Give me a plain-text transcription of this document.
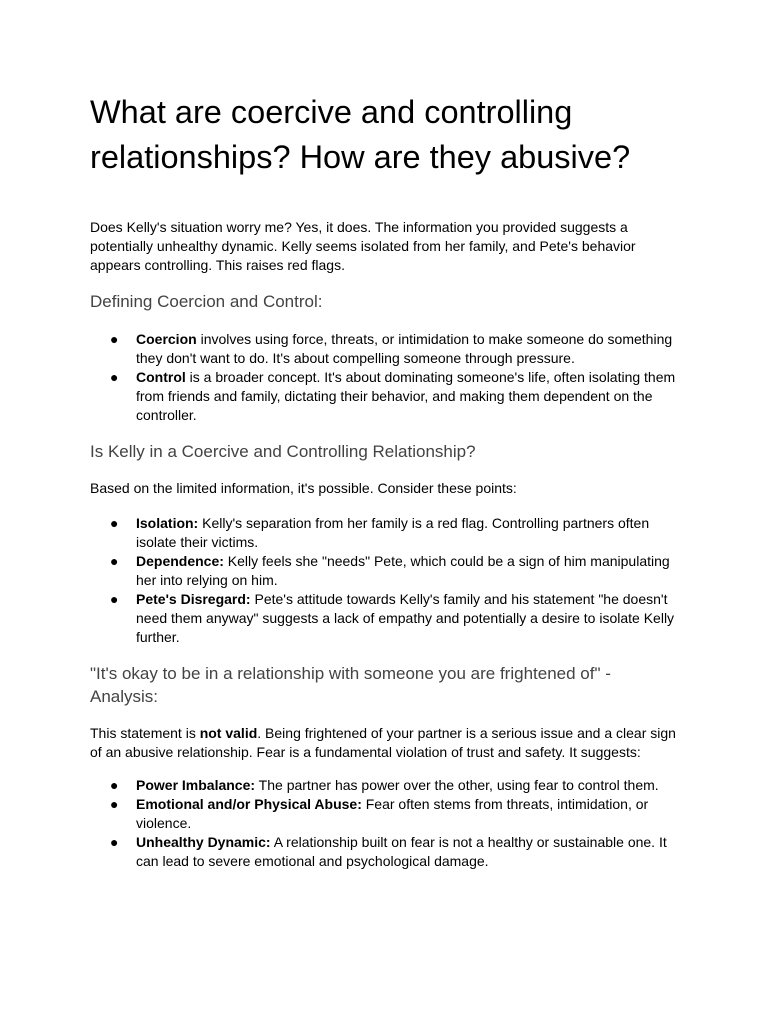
What are coercive and controlling relationships? How are they abusive?

Does Kelly's situation worry me? Yes, it does. The information you provided suggests a potentially unhealthy dynamic. Kelly seems isolated from her family, and Pete's behavior appears controlling. This raises red flags.

Defining Coercion and Control:
● Coercion involves using force, threats, or intimidation to make someone do something they don't want to do. It's about compelling someone through pressure.
● Control is a broader concept. It's about dominating someone's life, often isolating them from friends and family, dictating their behavior, and making them dependent on the controller.
Is Kelly in a Coercive and Controlling Relationship?

Based on the limited information, it's possible. Consider these points:

● Isolation: Kelly's separation from her family is a red flag. Controlling partners often isolate their victims.
● Dependence: Kelly feels she "needs" Pete, which could be a sign of him manipulating her into relying on him.
● Pete's Disregard: Pete's attitude towards Kelly's family and his statement "he doesn't need them anyway" suggests a lack of empathy and potentially a desire to isolate Kelly further.
"It's okay to be in a relationship with someone you are frightened of" - Analysis:

This statement is not valid. Being frightened of your partner is a serious issue and a clear sign of an abusive relationship. Fear is a fundamental violation of trust and safety. It suggests:

● Power Imbalance: The partner has power over the other, using fear to control them.
● Emotional and/or Physical Abuse: Fear often stems from threats, intimidation, or violence.
● Unhealthy Dynamic: A relationship built on fear is not a healthy or sustainable one. It can lead to severe emotional and psychological damage.
